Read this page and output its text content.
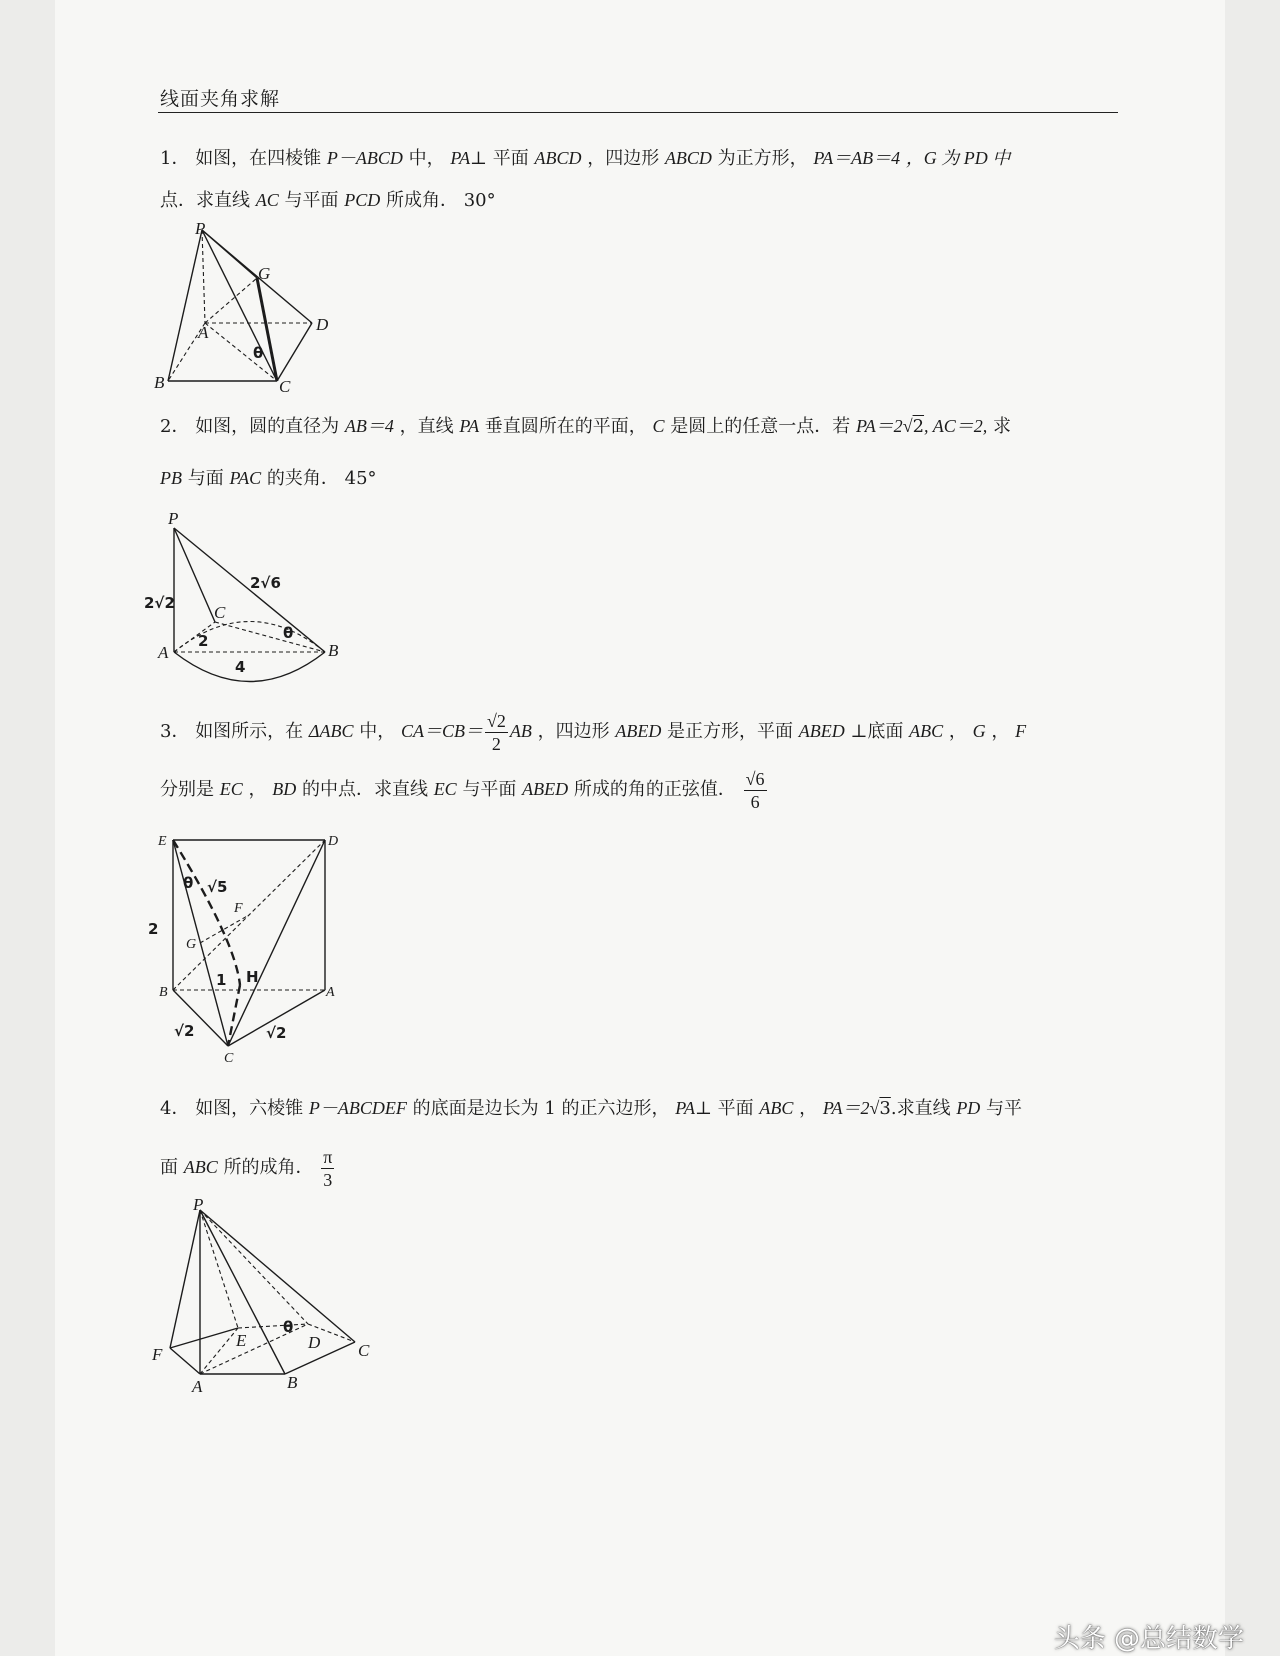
线面夹角求解
1． 如图，在四棱锥 P－ABCD 中， PA⊥ 平面 ABCD ，四边形 ABCD 为正方形， PA＝AB＝4 ，G 为 PD 中
点．求直线 AC 与平面 PCD 所成角． 30°
P
G
A	D
B	C
θ
2． 如图，圆的直径为 AB＝4 ，直线 PA 垂直圆所在的平面， C 是圆上的任意一点．若 PA＝2√2, AC＝2, 求
PB 与面 PAC 的夹角． 45°
P
C
A	B
2√2
2√6
2
4
θ
3． 如图所示，在 ΔABC 中， $CA=CB= \frac{√2}{2}$ AB ，四边形 ABED 是正方形，平面 ABED ⊥底面 ABC ， G ， F
分别是 EC ， BD 的中点．求直线 EC 与平面 ABED 所成的角的正弦值． $\frac{√6}{6}$
E	D
F
G
B	A
C
H
2
√5
1
√2	√2
θ
4． 如图，六棱锥 P－ABCDEF 的底面是边长为 1 的正六边形， PA⊥ 平面 ABC ， PA＝2√3.求直线 PD 与平
面 ABC 所的成角． $\frac{\pi}{3}$
P
E	D C
F
A	B
θ
头条 @总结数学
